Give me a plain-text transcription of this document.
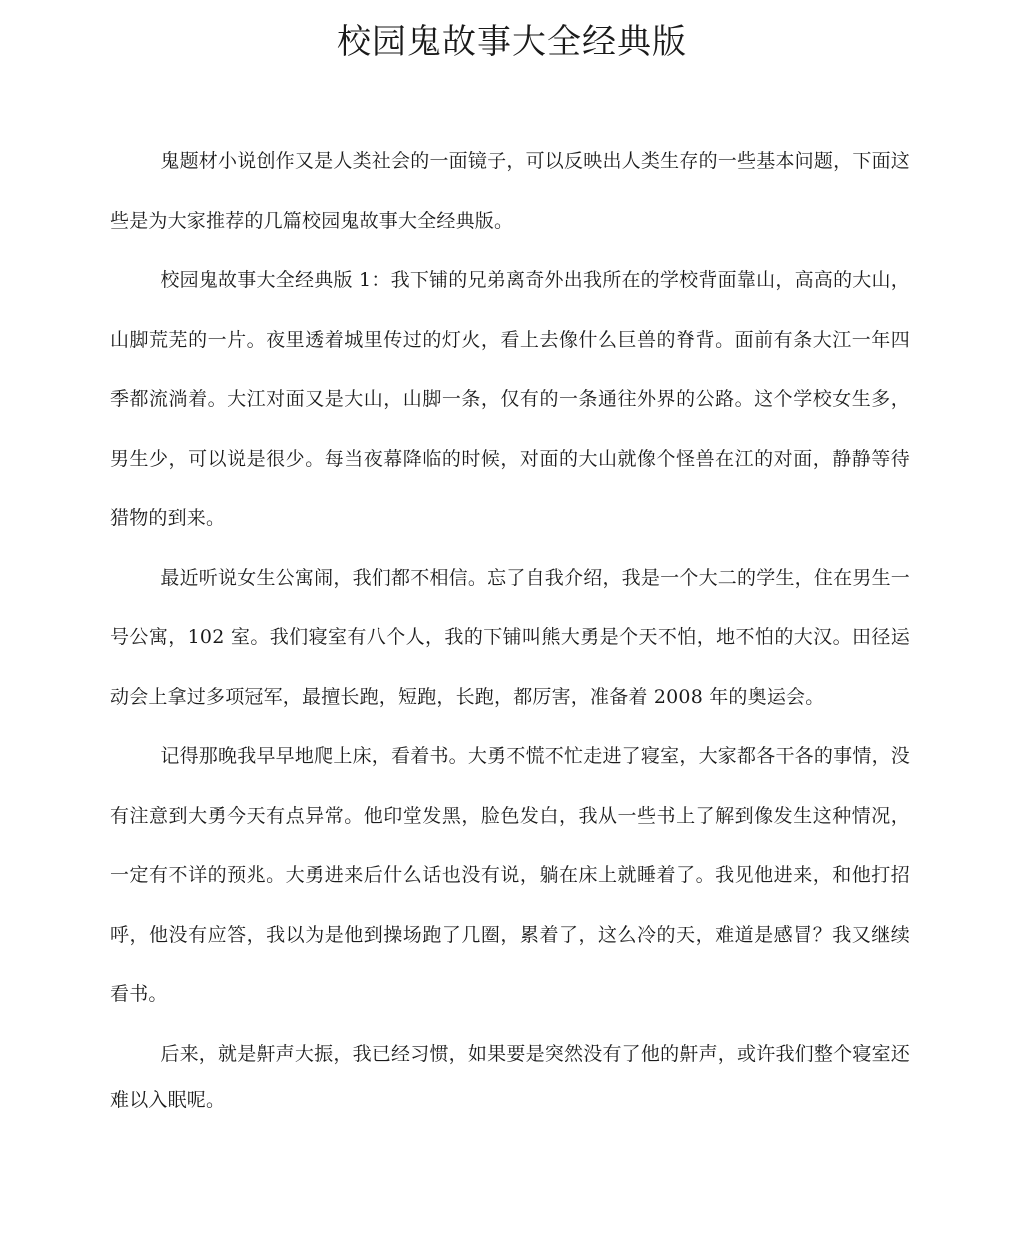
校园鬼故事大全经典版

鬼题材小说创作又是人类社会的一面镜子，可以反映出人类生存的一些基本问题，下面这些是为大家推荐的几篇校园鬼故事大全经典版。

校园鬼故事大全经典版 1：我下铺的兄弟离奇外出我所在的学校背面靠山，高高的大山，山脚荒芜的一片。夜里透着城里传过的灯火，看上去像什么巨兽的脊背。面前有条大江一年四季都流淌着。大江对面又是大山，山脚一条，仅有的一条通往外界的公路。这个学校女生多，男生少，可以说是很少。每当夜幕降临的时候，对面的大山就像个怪兽在江的对面，静静等待猎物的到来。

最近听说女生公寓闹，我们都不相信。忘了自我介绍，我是一个大二的学生，住在男生一号公寓，102 室。我们寝室有八个人，我的下铺叫熊大勇是个天不怕，地不怕的大汉。田径运动会上拿过多项冠军，最擅长跑，短跑，长跑，都厉害，准备着 2008 年的奥运会。

记得那晚我早早地爬上床，看着书。大勇不慌不忙走进了寝室，大家都各干各的事情，没有注意到大勇今天有点异常。他印堂发黑，脸色发白，我从一些书上了解到像发生这种情况，一定有不详的预兆。大勇进来后什么话也没有说，躺在床上就睡着了。我见他进来，和他打招呼，他没有应答，我以为是他到操场跑了几圈，累着了，这么冷的天，难道是感冒？我又继续看书。

后来，就是鼾声大振，我已经习惯，如果要是突然没有了他的鼾声，或许我们整个寝室还难以入眠呢。
